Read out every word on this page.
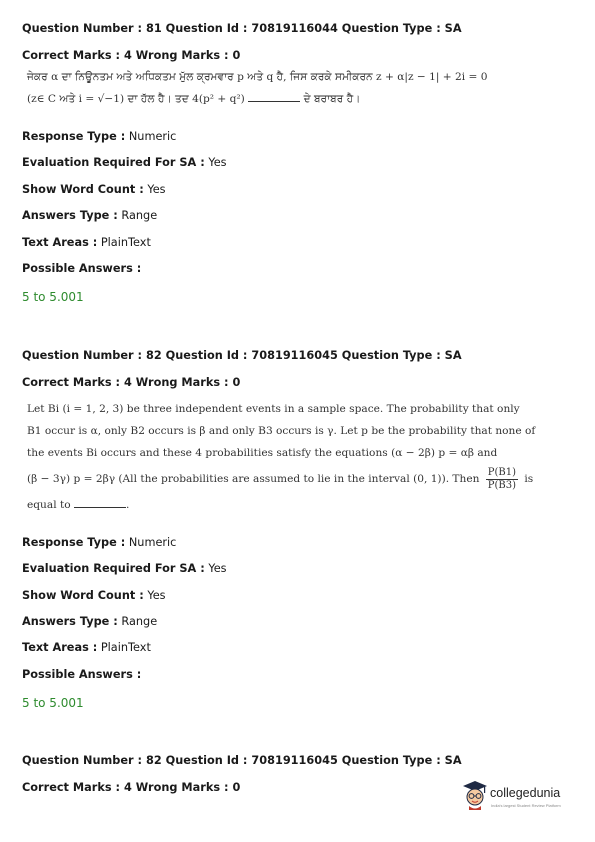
Question Number : 81 Question Id : 70819116044 Question Type : SA
Correct Marks : 4 Wrong Marks : 0
ਜੇਕਰ α ਦਾ ਨਿਊਨਤਮ ਅਤੇ ਅਧਿਕਤਮ ਮੁੱਲ ਕ੍ਰਮਵਾਰ p ਅਤੇ q ਹੈ, ਜਿਸ ਕਰਕੇ ਸਮੀਕਰਨ z + α|z − 1| + 2i = 0
(z∈ C ਅਤੇ i = √−1) ਦਾ ਹੱਲ ਹੈ। ਤਦ 4(p² + q²)	ਦੇ ਬਰਾਬਰ ਹੈ।
Response Type : Numeric
Evaluation Required For SA : Yes
Show Word Count : Yes
Answers Type : Range
Text Areas : PlainText
Possible Answers :
5 to 5.001
Question Number : 82 Question Id : 70819116045 Question Type : SA
Correct Marks : 4 Wrong Marks : 0
Let Bi (i = 1, 2, 3) be three independent events in a sample space. The probability that only
B1 occur is α, only B2 occurs is β and only B3 occurs is γ. Let p be the probability that none of
the events Bi occurs and these 4 probabilities satisfy the equations (α − 2β) p = αβ and
(β − 3γ) p = 2βγ (All the probabilities are assumed to lie in the interval (0, 1)). Then $\frac{P(B1)}{P(B3)}$ is
equal to	.
Response Type : Numeric
Evaluation Required For SA : Yes
Show Word Count : Yes
Answers Type : Range
Text Areas : PlainText
Possible Answers :
5 to 5.001
Question Number : 82 Question Id : 70819116045 Question Type : SA
Correct Marks : 4 Wrong Marks : 0	collegedunia
India's largest Student Review Platform
